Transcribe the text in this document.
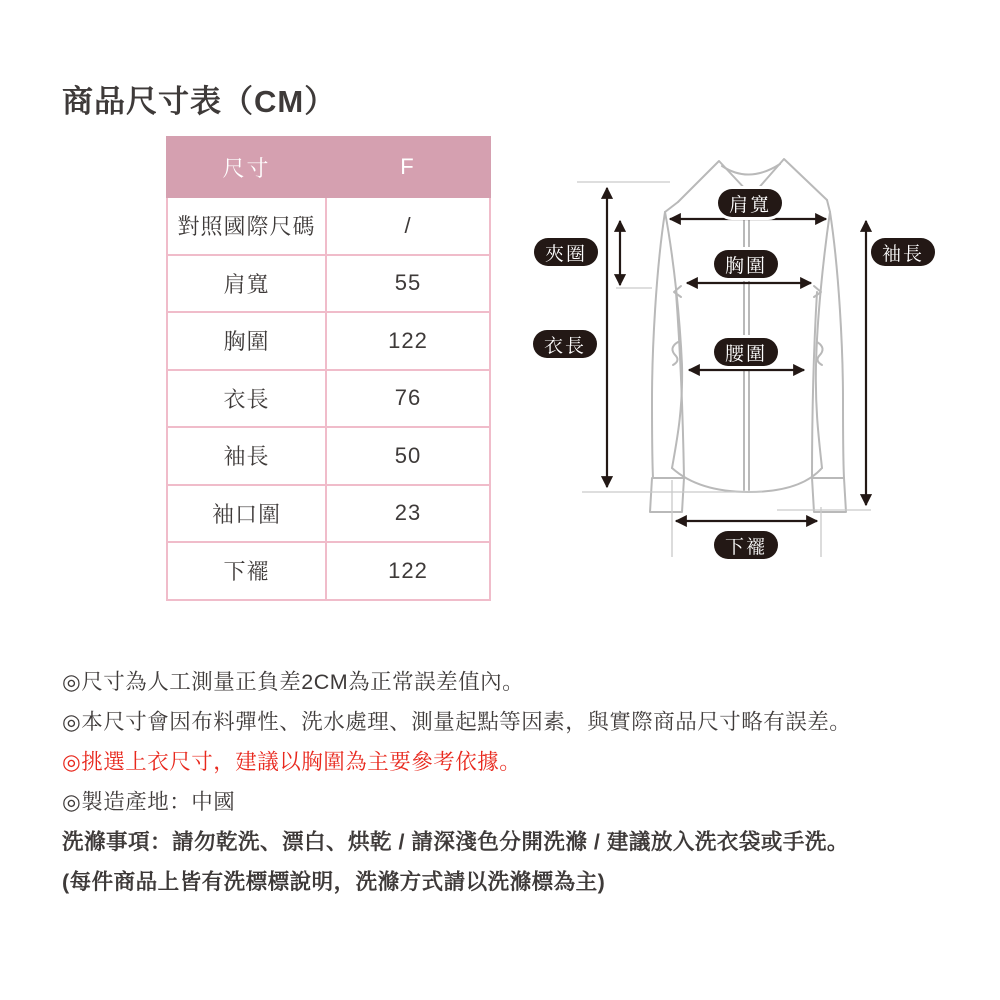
商品尺寸表（CM）
尺寸	F
對照國際尺碼	/
肩寬	55
胸圍	122
衣長	76
袖長	50
袖口圍	23
下襬	122
肩寬
夾圈
胸圍
袖長
衣長	腰圍
下襬
◎尺寸為人工測量正負差2CM為正常誤差值內。
◎本尺寸會因布料彈性、洗水處理、測量起點等因素，與實際商品尺寸略有誤差。
◎挑選上衣尺寸，建議以胸圍為主要參考依據。
◎製造產地：中國
洗滌事項：請勿乾洗、漂白、烘乾 / 請深淺色分開洗滌 / 建議放入洗衣袋或手洗。
(每件商品上皆有洗標標說明，洗滌方式請以洗滌標為主)
